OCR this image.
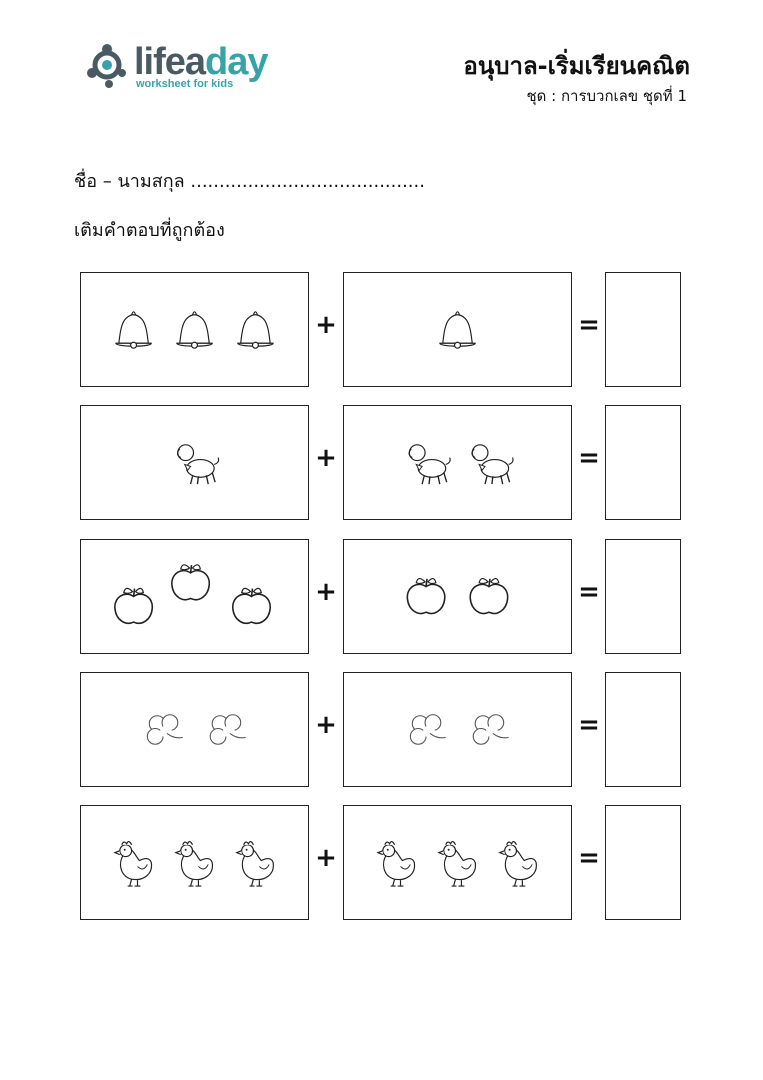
lifeaday
worksheet for kids
อนุบาล-เริ่มเรียนคณิต
ชุด : การบวกเลข ชุดที่ 1
ชื่อ – นามสกุล .........................................
เติมคำตอบที่ถูกต้อง
+	=
+	=
+	=
+	=
+	=
